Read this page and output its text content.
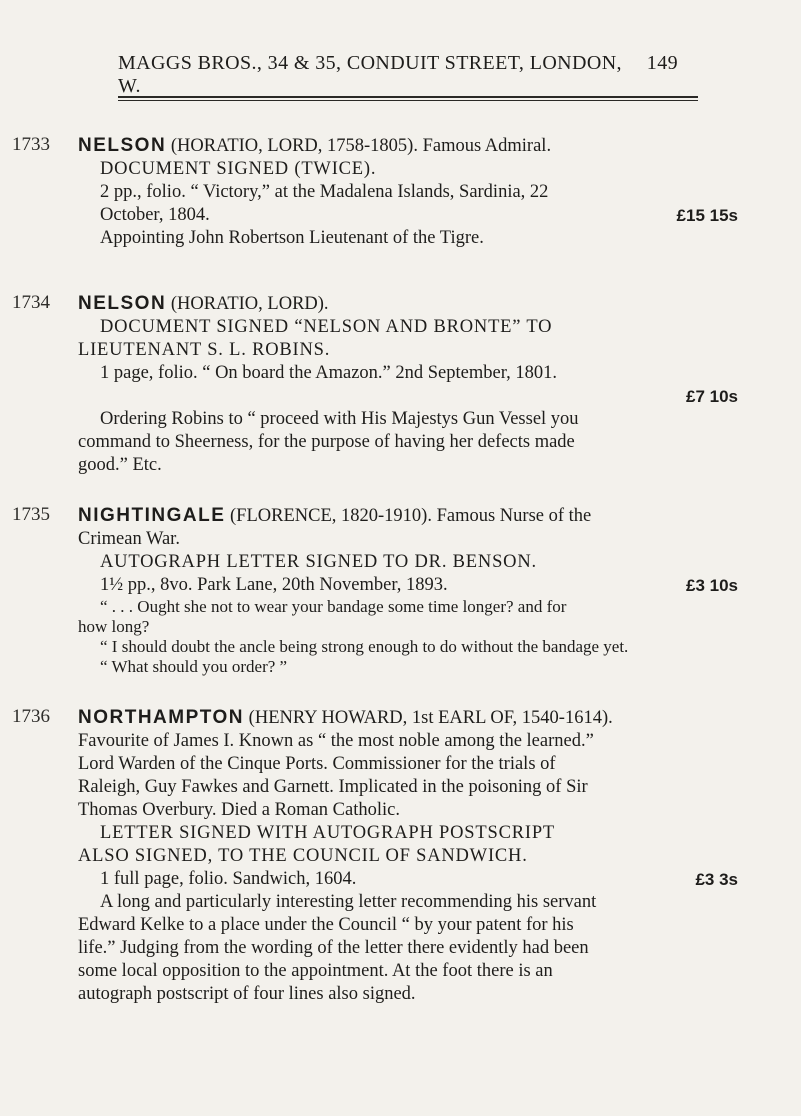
MAGGS BROS., 34 & 35, CONDUIT STREET, LONDON, W.
149
1733 NELSON (HORATIO, LORD, 1758-1805). Famous Admiral.
DOCUMENT SIGNED (TWICE).
2 pp., folio. “ Victory,” at the Madalena Islands, Sardinia, 22
October, 1804.	£15 15s
Appointing John Robertson Lieutenant of the Tigre.
1734 NELSON (HORATIO, LORD).
DOCUMENT SIGNED “NELSON AND BRONTE” TO
LIEUTENANT S. L. ROBINS.
1 page, folio. “ On board the Amazon.” 2nd September, 1801.
£7 10s
Ordering Robins to “ proceed with His Majestys Gun Vessel you
command to Sheerness, for the purpose of having her defects made
good.” Etc.
1735 NIGHTINGALE (FLORENCE, 1820-1910). Famous Nurse of the
Crimean War.
AUTOGRAPH LETTER SIGNED TO DR. BENSON.
1½ pp., 8vo. Park Lane, 20th November, 1893.	£3 10s
“ . . . Ought she not to wear your bandage some time longer? and for
how long?
“ I should doubt the ancle being strong enough to do without the bandage yet.
“ What should you order? ”
1736 NORTHAMPTON (HENRY HOWARD, 1st EARL OF, 1540-1614).
Favourite of James I. Known as “ the most noble among the learned.”
Lord Warden of the Cinque Ports. Commissioner for the trials of
Raleigh, Guy Fawkes and Garnett. Implicated in the poisoning of Sir
Thomas Overbury. Died a Roman Catholic.
LETTER SIGNED WITH AUTOGRAPH POSTSCRIPT
ALSO SIGNED, TO THE COUNCIL OF SANDWICH.
1 full page, folio. Sandwich, 1604.	£3 3s
A long and particularly interesting letter recommending his servant
Edward Kelke to a place under the Council “ by your patent for his
life.” Judging from the wording of the letter there evidently had been
some local opposition to the appointment. At the foot there is an
autograph postscript of four lines also signed.
